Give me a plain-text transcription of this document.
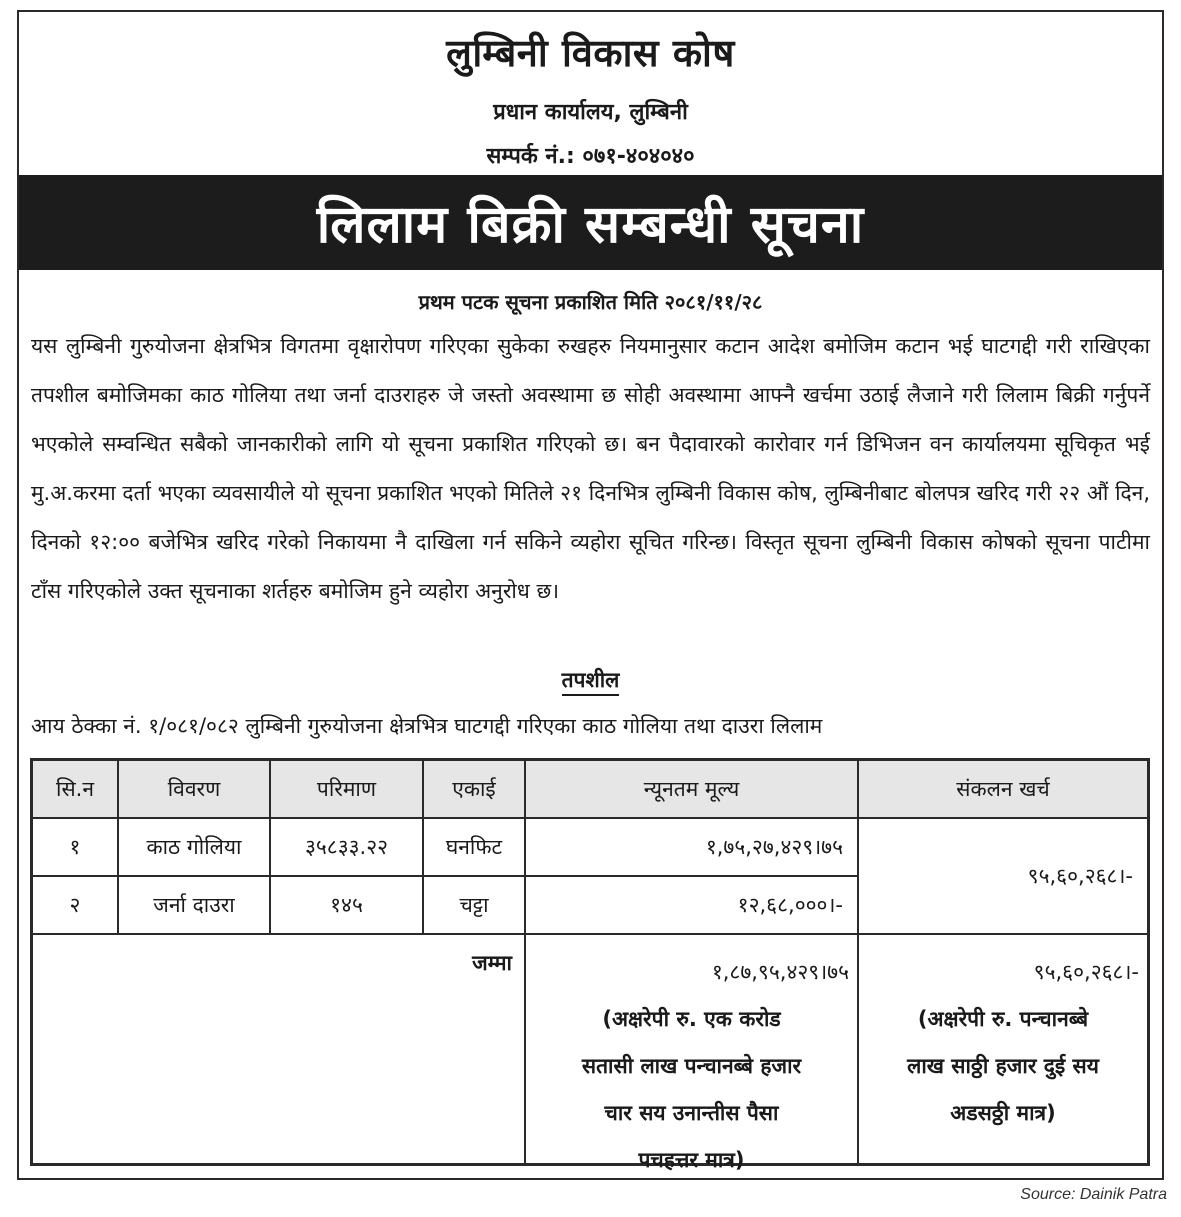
लुम्बिनी विकास कोष
प्रधान कार्यालय, लुम्बिनी
सम्पर्क नं.: ०७१-४०४०४०
लिलाम बिक्री सम्बन्धी सूचना
प्रथम पटक सूचना प्रकाशित मिति २०८१/११/२८
यस लुम्बिनी गुरुयोजना क्षेत्रभित्र विगतमा वृक्षारोपण गरिएका सुकेका रुखहरु नियमानुसार कटान आदेश बमोजिम कटान भई घाटगद्दी गरी राखिएका तपशील बमोजिमका काठ गोलिया तथा जर्ना दाउराहरु जे जस्तो अवस्थामा छ सोही अवस्थामा आफ्नै खर्चमा उठाई लैजाने गरी लिलाम बिक्री गर्नुपर्ने भएकोले सम्वन्धित सबैको जानकारीको लागि यो सूचना प्रकाशित गरिएको छ। बन पैदावारको कारोवार गर्न डिभिजन वन कार्यालयमा सूचिकृत भई मु.अ.करमा दर्ता भएका व्यवसायीले यो सूचना प्रकाशित भएको मितिले २१ दिनभित्र लुम्बिनी विकास कोष, लुम्बिनीबाट बोलपत्र खरिद गरी २२ औं दिन, दिनको १२:०० बजेभित्र खरिद गरेको निकायमा नै दाखिला गर्न सकिने व्यहोरा सूचित गरिन्छ। विस्तृत सूचना लुम्बिनी विकास कोषको सूचना पाटीमा टाँस गरिएकोले उक्त सूचनाका शर्तहरु बमोजिम हुने व्यहोरा अनुरोध छ।
तपशील
आय ठेक्का नं. १/०८१/०८२ लुम्बिनी गुरुयोजना क्षेत्रभित्र घाटगद्दी गरिएका काठ गोलिया तथा दाउरा लिलाम
सि.न	विवरण	परिमाण	एकाई	न्यूनतम मूल्य	संकलन खर्च
१	काठ गोलिया	३५८३३.२२	घनफिट	१,७५,२७,४२९।७५
२	जर्ना दाउरा	१४५	चट्टा	१२,६८,०००।-
९५,६०,२६८।-
जम्मा	१,८७,९५,४२९।७५
(अक्षरेपी रु. एक करोड
सतासी लाख पन्चानब्बे हजार
चार सय उनान्तीस पैसा
पचहत्तर मात्र)
९५,६०,२६८।-
(अक्षरेपी रु. पन्चानब्बे
लाख साठ्ठी हजार दुई सय
अडसठ्ठी मात्र)
Source: Dainik Patra
